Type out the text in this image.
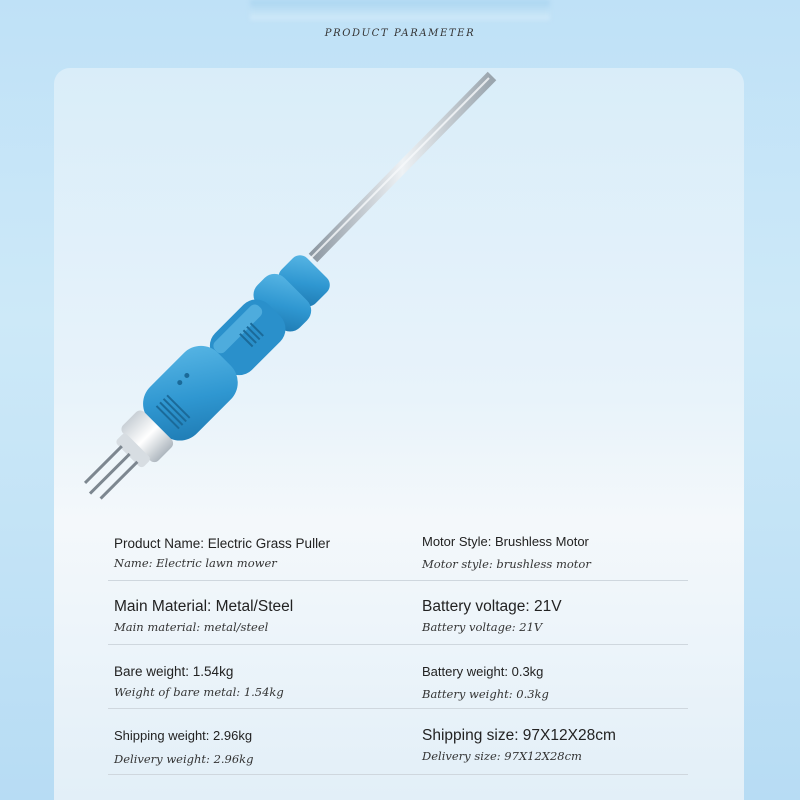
PRODUCT PARAMETER
Product Name: Electric Grass Puller
Name: Electric lawn mower
Motor Style: Brushless Motor
Motor style: brushless motor
Main Material: Metal/Steel
Main material: metal/steel
Battery voltage: 21V
Battery voltage: 21V
Bare weight: 1.54kg
Weight of bare metal: 1.54kg
Battery weight: 0.3kg
Battery weight: 0.3kg
Shipping weight: 2.96kg
Delivery weight: 2.96kg
Shipping size: 97X12X28cm
Delivery size: 97X12X28cm
